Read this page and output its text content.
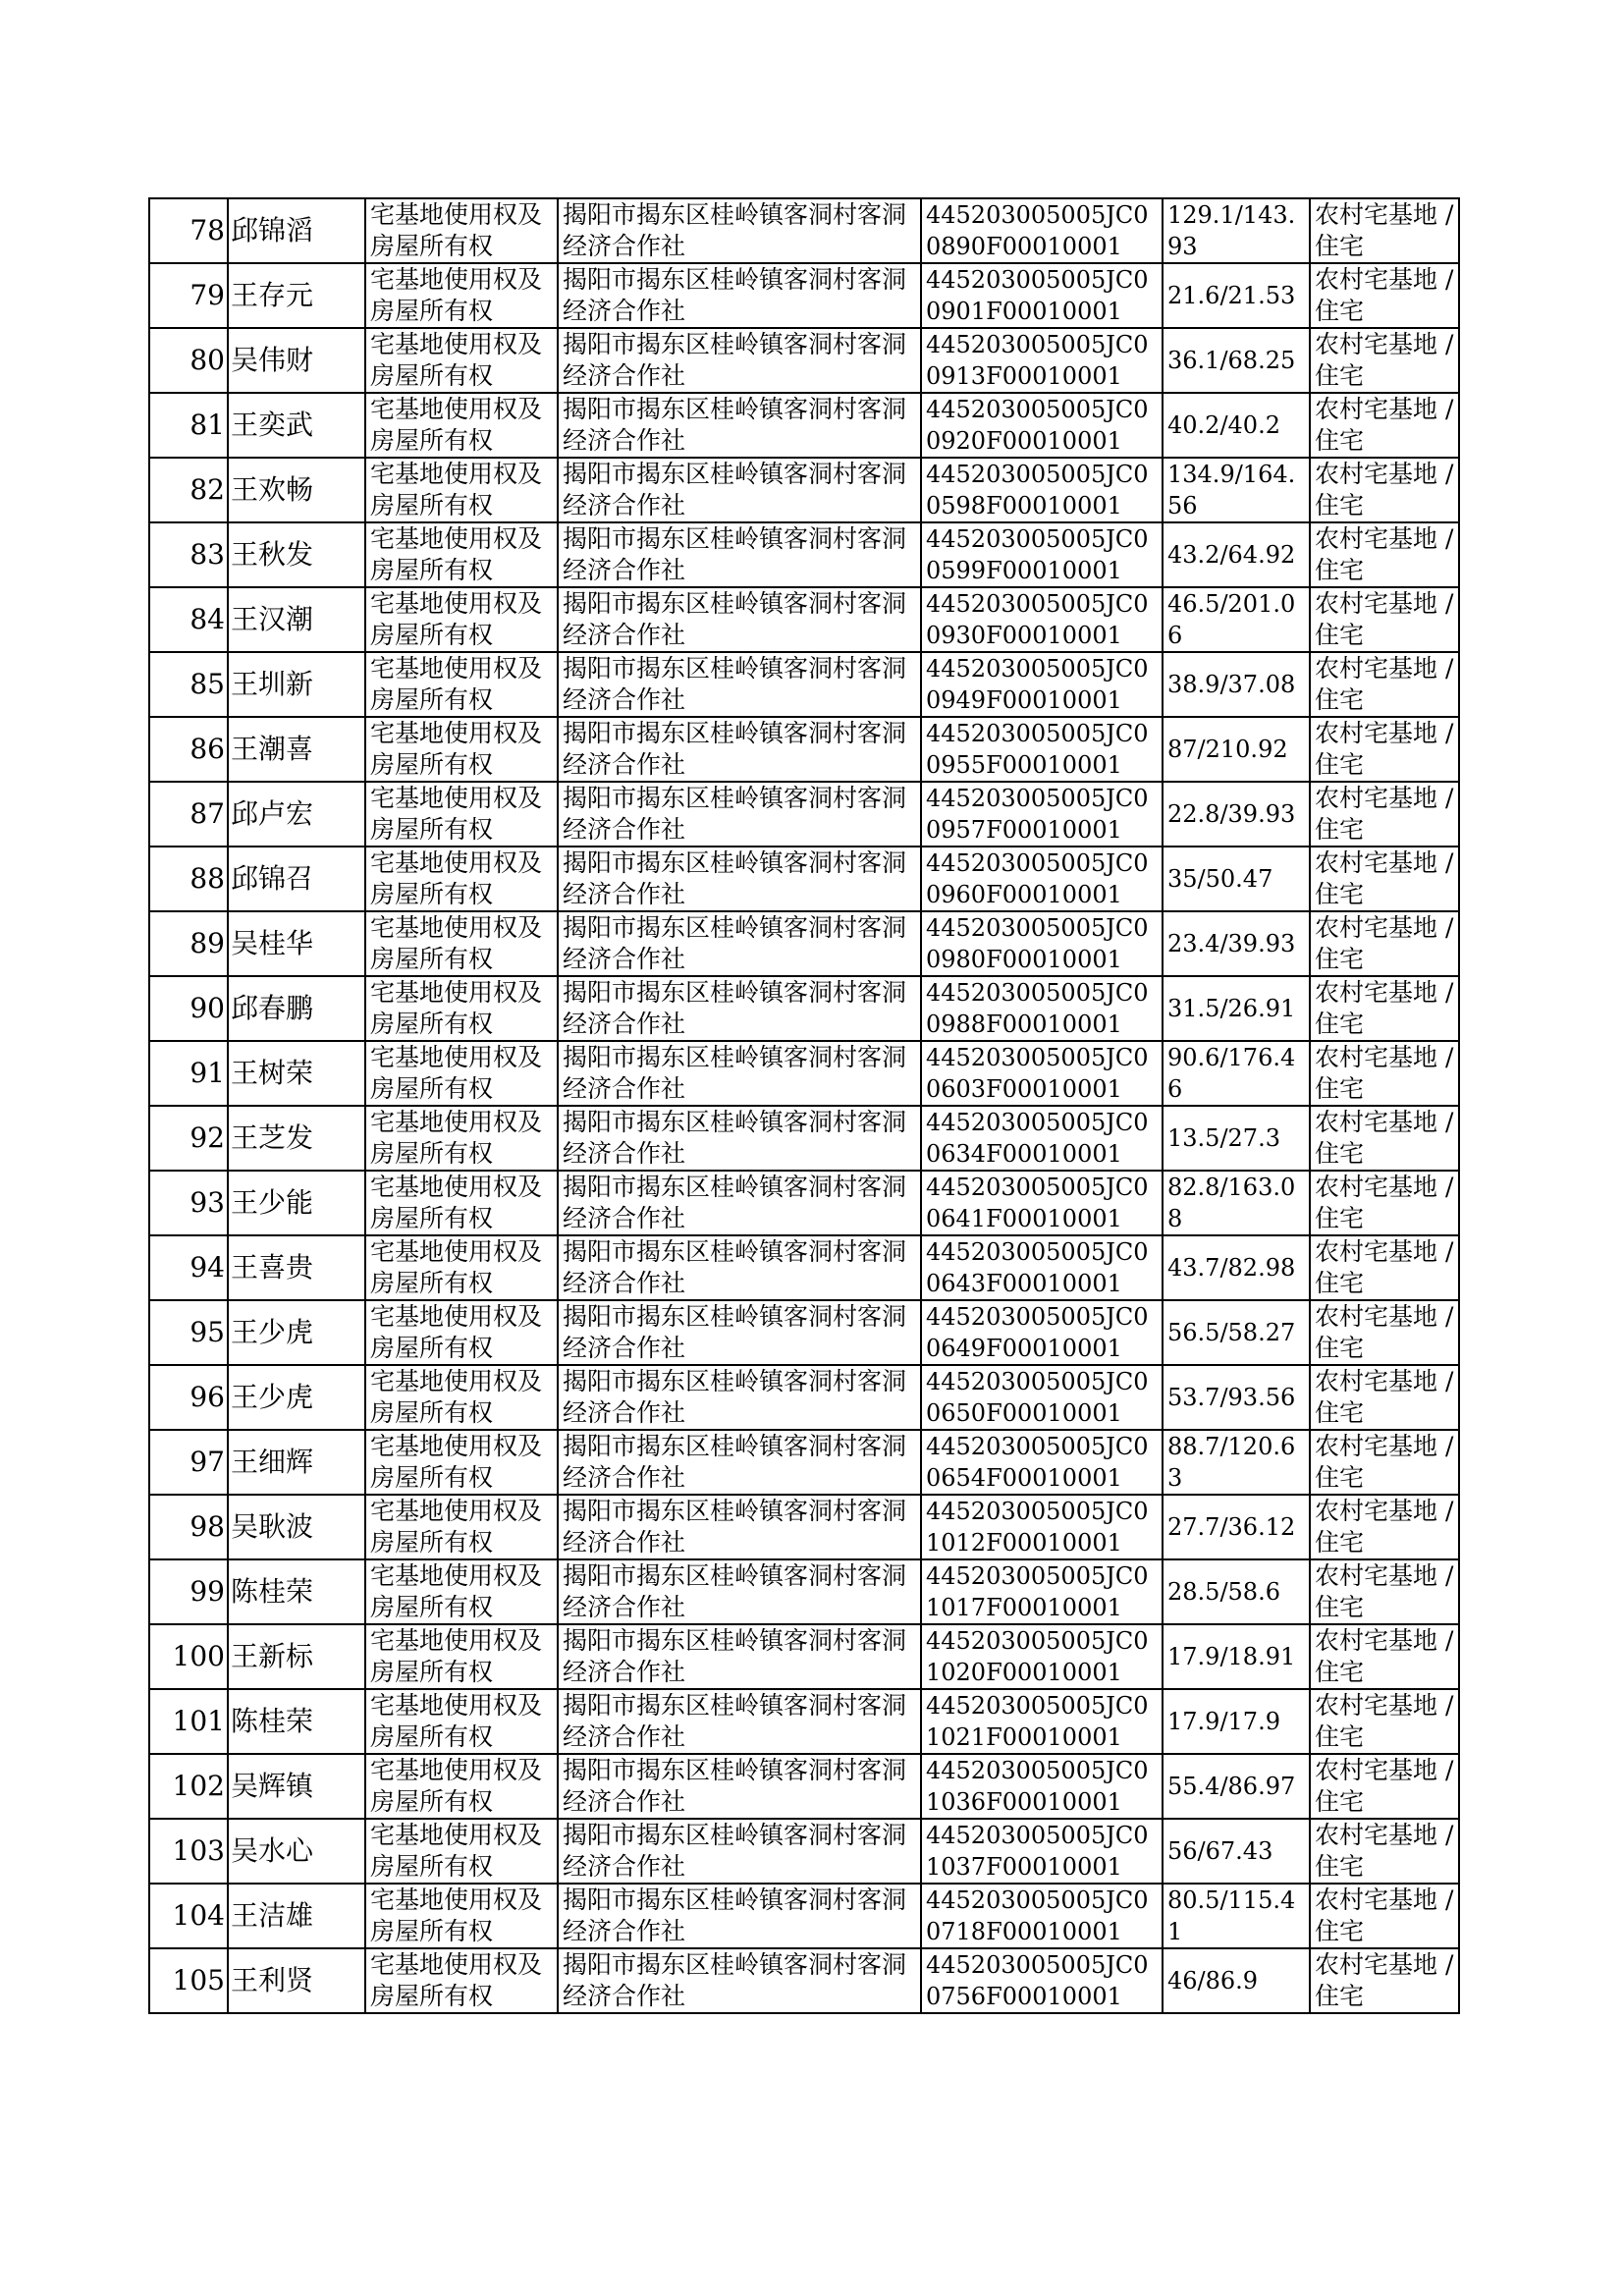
78	邱锦滔	宅基地使用权及房屋所有权	揭阳市揭东区桂岭镇客洞村客洞经济合作社	445203005005JC00890F00010001	129.1/143.93	农村宅基地 / 住宅
79	王存元	宅基地使用权及房屋所有权	揭阳市揭东区桂岭镇客洞村客洞经济合作社	445203005005JC00901F00010001	21.6/21.53	农村宅基地 / 住宅
80	吴伟财	宅基地使用权及房屋所有权	揭阳市揭东区桂岭镇客洞村客洞经济合作社	445203005005JC00913F00010001	36.1/68.25	农村宅基地 / 住宅
81	王奕武	宅基地使用权及房屋所有权	揭阳市揭东区桂岭镇客洞村客洞经济合作社	445203005005JC00920F00010001	40.2/40.2	农村宅基地 / 住宅
82	王欢畅	宅基地使用权及房屋所有权	揭阳市揭东区桂岭镇客洞村客洞经济合作社	445203005005JC00598F00010001	134.9/164.56	农村宅基地 / 住宅
83	王秋发	宅基地使用权及房屋所有权	揭阳市揭东区桂岭镇客洞村客洞经济合作社	445203005005JC00599F00010001	43.2/64.92	农村宅基地 / 住宅
84	王汉潮	宅基地使用权及房屋所有权	揭阳市揭东区桂岭镇客洞村客洞经济合作社	445203005005JC00930F00010001	46.5/201.06	农村宅基地 / 住宅
85	王圳新	宅基地使用权及房屋所有权	揭阳市揭东区桂岭镇客洞村客洞经济合作社	445203005005JC00949F00010001	38.9/37.08	农村宅基地 / 住宅
86	王潮喜	宅基地使用权及房屋所有权	揭阳市揭东区桂岭镇客洞村客洞经济合作社	445203005005JC00955F00010001	87/210.92	农村宅基地 / 住宅
87	邱卢宏	宅基地使用权及房屋所有权	揭阳市揭东区桂岭镇客洞村客洞经济合作社	445203005005JC00957F00010001	22.8/39.93	农村宅基地 / 住宅
88	邱锦召	宅基地使用权及房屋所有权	揭阳市揭东区桂岭镇客洞村客洞经济合作社	445203005005JC00960F00010001	35/50.47	农村宅基地 / 住宅
89	吴桂华	宅基地使用权及房屋所有权	揭阳市揭东区桂岭镇客洞村客洞经济合作社	445203005005JC00980F00010001	23.4/39.93	农村宅基地 / 住宅
90	邱春鹏	宅基地使用权及房屋所有权	揭阳市揭东区桂岭镇客洞村客洞经济合作社	445203005005JC00988F00010001	31.5/26.91	农村宅基地 / 住宅
91	王树荣	宅基地使用权及房屋所有权	揭阳市揭东区桂岭镇客洞村客洞经济合作社	445203005005JC00603F00010001	90.6/176.46	农村宅基地 / 住宅
92	王芝发	宅基地使用权及房屋所有权	揭阳市揭东区桂岭镇客洞村客洞经济合作社	445203005005JC00634F00010001	13.5/27.3	农村宅基地 / 住宅
93	王少能	宅基地使用权及房屋所有权	揭阳市揭东区桂岭镇客洞村客洞经济合作社	445203005005JC00641F00010001	82.8/163.08	农村宅基地 / 住宅
94	王喜贵	宅基地使用权及房屋所有权	揭阳市揭东区桂岭镇客洞村客洞经济合作社	445203005005JC00643F00010001	43.7/82.98	农村宅基地 / 住宅
95	王少虎	宅基地使用权及房屋所有权	揭阳市揭东区桂岭镇客洞村客洞经济合作社	445203005005JC00649F00010001	56.5/58.27	农村宅基地 / 住宅
96	王少虎	宅基地使用权及房屋所有权	揭阳市揭东区桂岭镇客洞村客洞经济合作社	445203005005JC00650F00010001	53.7/93.56	农村宅基地 / 住宅
97	王细辉	宅基地使用权及房屋所有权	揭阳市揭东区桂岭镇客洞村客洞经济合作社	445203005005JC00654F00010001	88.7/120.63	农村宅基地 / 住宅
98	吴耿波	宅基地使用权及房屋所有权	揭阳市揭东区桂岭镇客洞村客洞经济合作社	445203005005JC01012F00010001	27.7/36.12	农村宅基地 / 住宅
99	陈桂荣	宅基地使用权及房屋所有权	揭阳市揭东区桂岭镇客洞村客洞经济合作社	445203005005JC01017F00010001	28.5/58.6	农村宅基地 / 住宅
100	王新标	宅基地使用权及房屋所有权	揭阳市揭东区桂岭镇客洞村客洞经济合作社	445203005005JC01020F00010001	17.9/18.91	农村宅基地 / 住宅
101	陈桂荣	宅基地使用权及房屋所有权	揭阳市揭东区桂岭镇客洞村客洞经济合作社	445203005005JC01021F00010001	17.9/17.9	农村宅基地 / 住宅
102	吴辉镇	宅基地使用权及房屋所有权	揭阳市揭东区桂岭镇客洞村客洞经济合作社	445203005005JC01036F00010001	55.4/86.97	农村宅基地 / 住宅
103	吴水心	宅基地使用权及房屋所有权	揭阳市揭东区桂岭镇客洞村客洞经济合作社	445203005005JC01037F00010001	56/67.43	农村宅基地 / 住宅
104	王洁雄	宅基地使用权及房屋所有权	揭阳市揭东区桂岭镇客洞村客洞经济合作社	445203005005JC00718F00010001	80.5/115.41	农村宅基地 / 住宅
105	王利贤	宅基地使用权及房屋所有权	揭阳市揭东区桂岭镇客洞村客洞经济合作社	445203005005JC00756F00010001	46/86.9	农村宅基地 / 住宅
